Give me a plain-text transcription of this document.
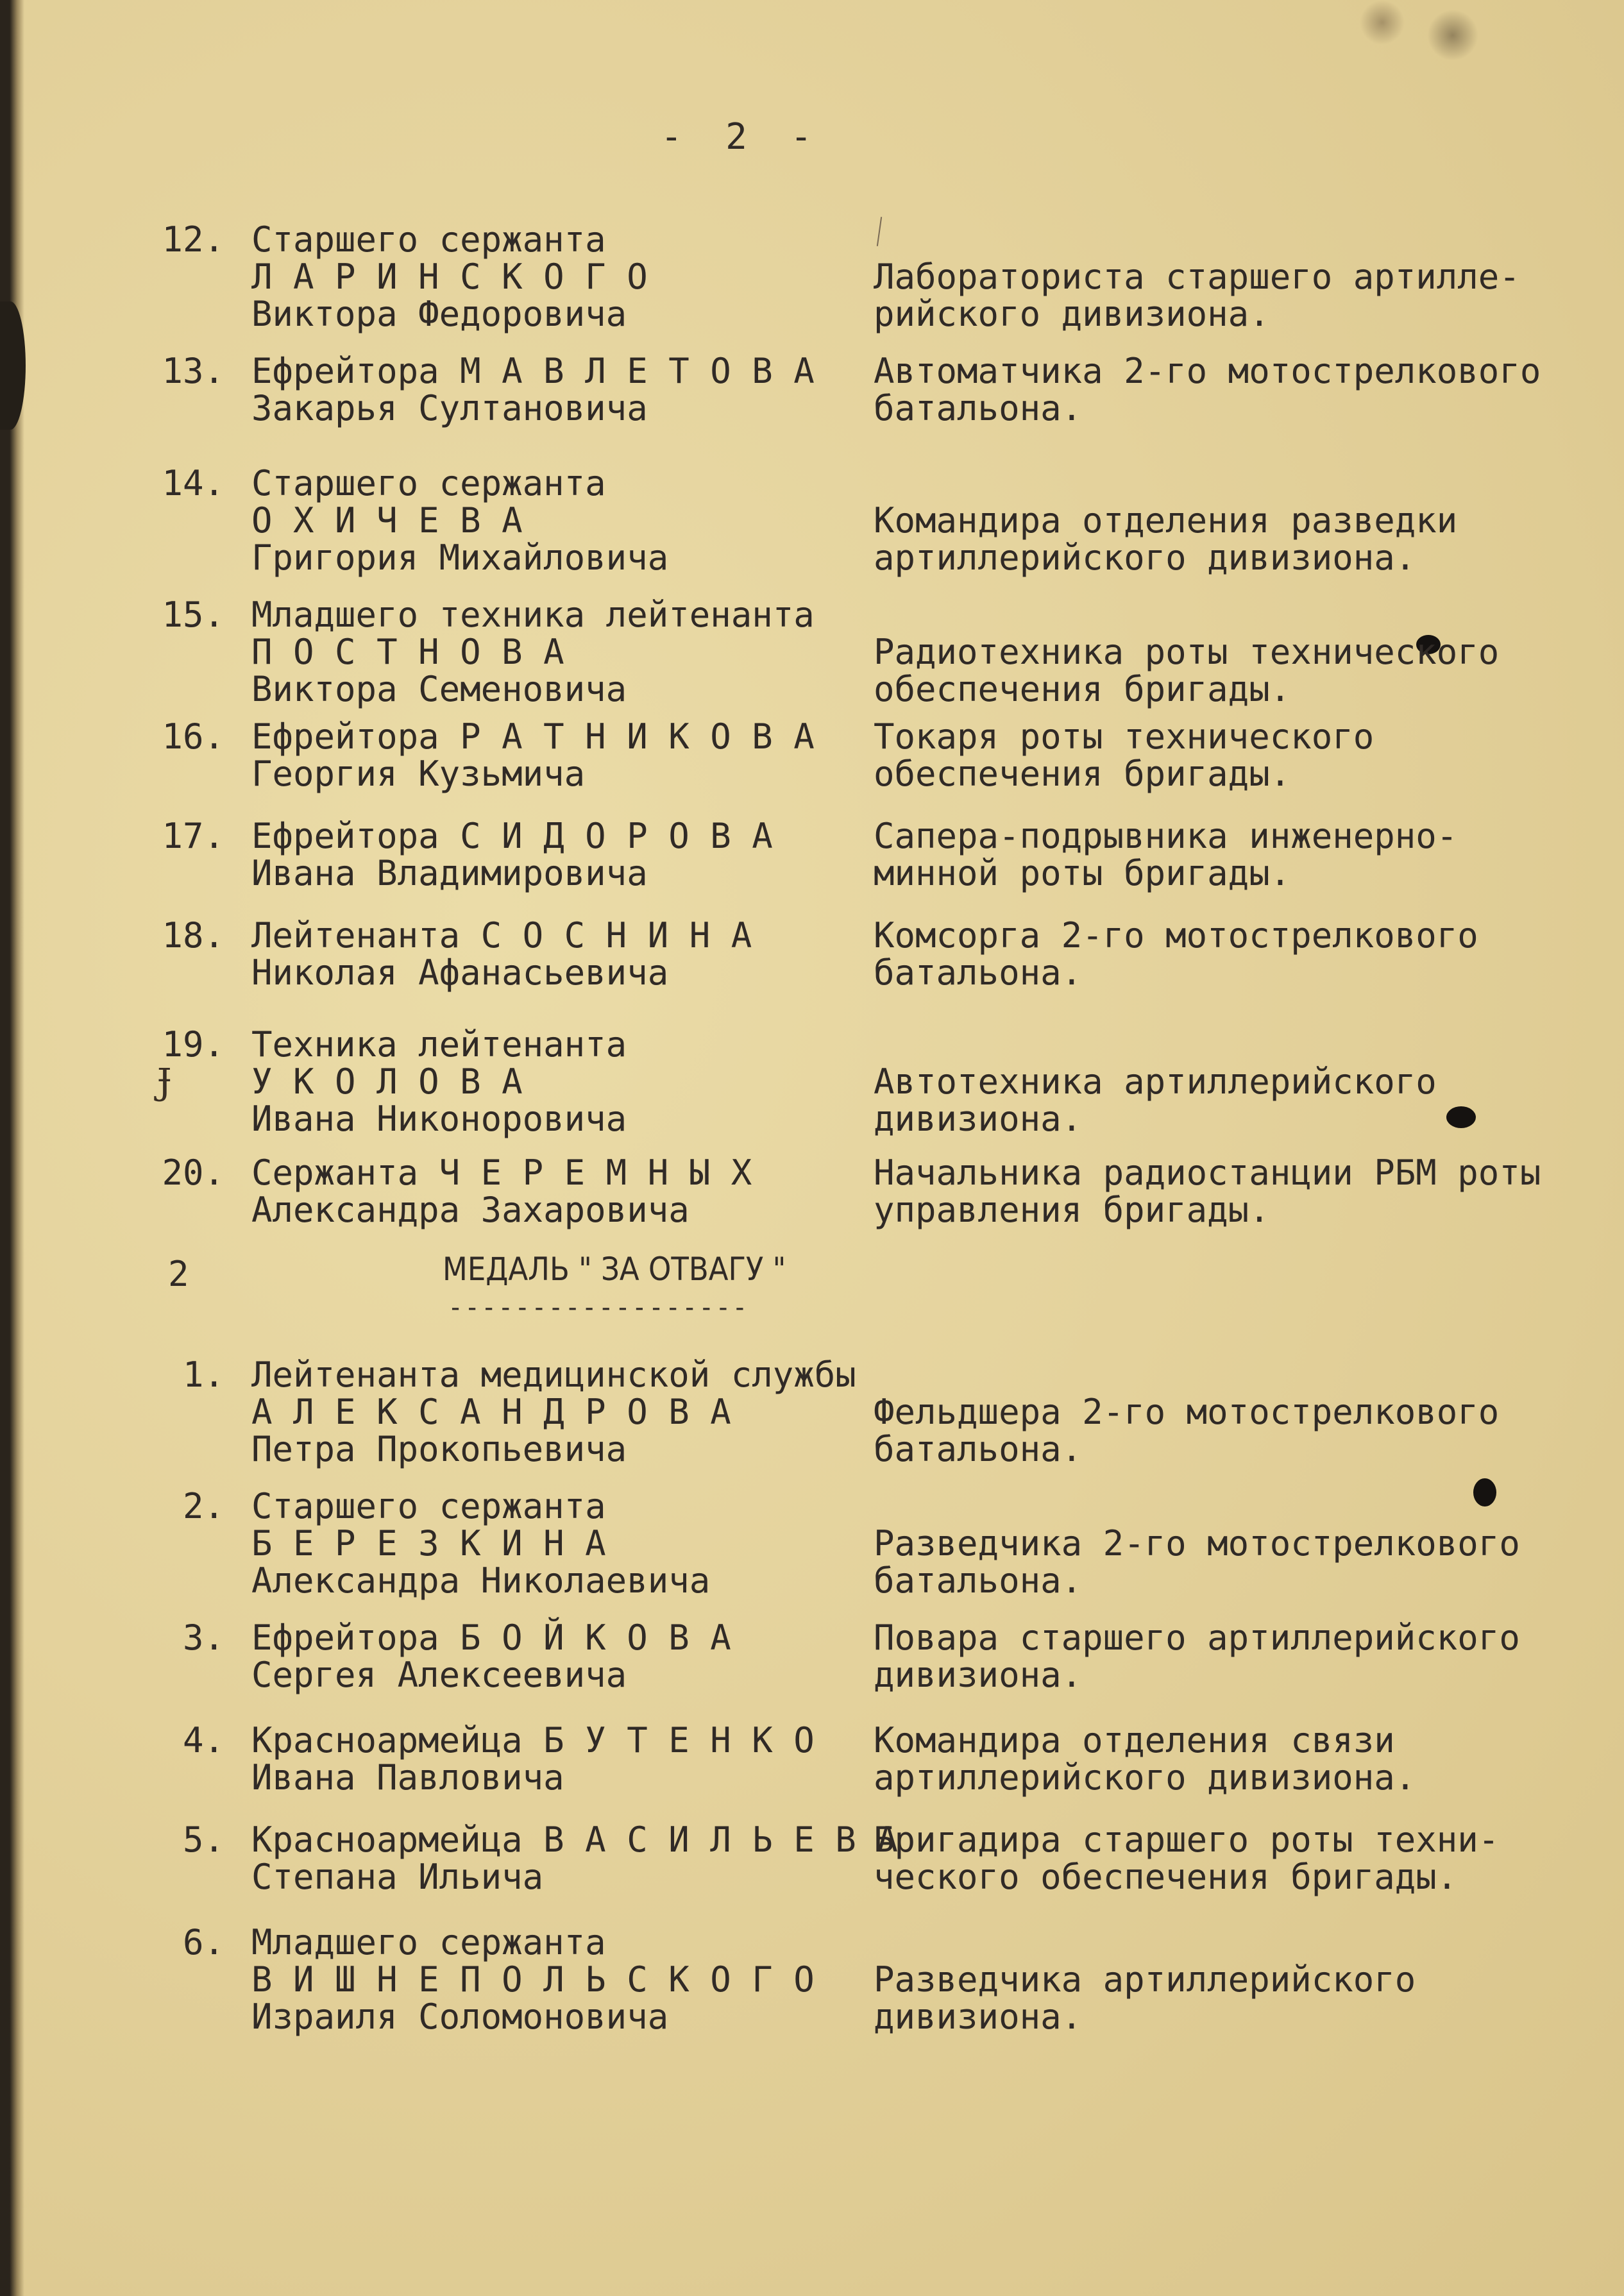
Ɉ
-  2  -
12. Старшего сержанта
Л А Р И Н С К О Г О
Виктора Федоровича
Лабораториста старшего артилле-
рийского дивизиона.
13. Ефрейтора М А В Л Е Т О В А
Закарья Султановича
Автоматчика 2-го мотострелкового
батальона.
14. Старшего сержанта
О Х И Ч Е В А
Григория Михайловича
Командира отделения разведки
артиллерийского дивизиона.
15. Младшего техника лейтенанта
П О С Т Н О В А
Виктора Семеновича
Радиотехника роты технического
обеспечения бригады.
16. Ефрейтора Р А Т Н И К О В А
Георгия Кузьмича
Токаря роты технического
обеспечения бригады.
17. Ефрейтора С И Д О Р О В А
Ивана Владимировича
Сапера-подрывника инженерно-
минной роты бригады.
18. Лейтенанта С О С Н И Н А
Николая Афанасьевича
Комсорга 2-го мотострелкового
батальона.
19. Техника лейтенанта
У К О Л О В А
Ивана Никоноровича
Автотехника артиллерийского
дивизиона.
20. Сержанта Ч Е Р Е М Н Ы Х
Александра Захаровича
Начальника радиостанции РБМ роты
управления бригады.
2	МЕДАЛЬ " ЗА ОТВАГУ "
------------------
1. Лейтенанта медицинской службы
А Л Е К С А Н Д Р О В А
Петра Прокопьевича
Фельдшера 2-го мотострелкового
батальона.
2. Старшего сержанта
Б Е Р Е З К И Н А
Александра Николаевича
Разведчика 2-го мотострелкового
батальона.
3. Ефрейтора Б О Й К О В А
Сергея Алексеевича
Повара старшего артиллерийского
дивизиона.
4. Красноармейца Б У Т Е Н К О
Ивана Павловича
Командира отделения связи
артиллерийского дивизиона.
5. Красноармейца В А С И Л Ь Е В А
Степана Ильича
Бригадира старшего роты техни-
ческого обеспечения бригады.
6. Младшего сержанта
В И Ш Н Е П О Л Ь С К О Г О
Израиля Соломоновича
Разведчика артиллерийского
дивизиона.
